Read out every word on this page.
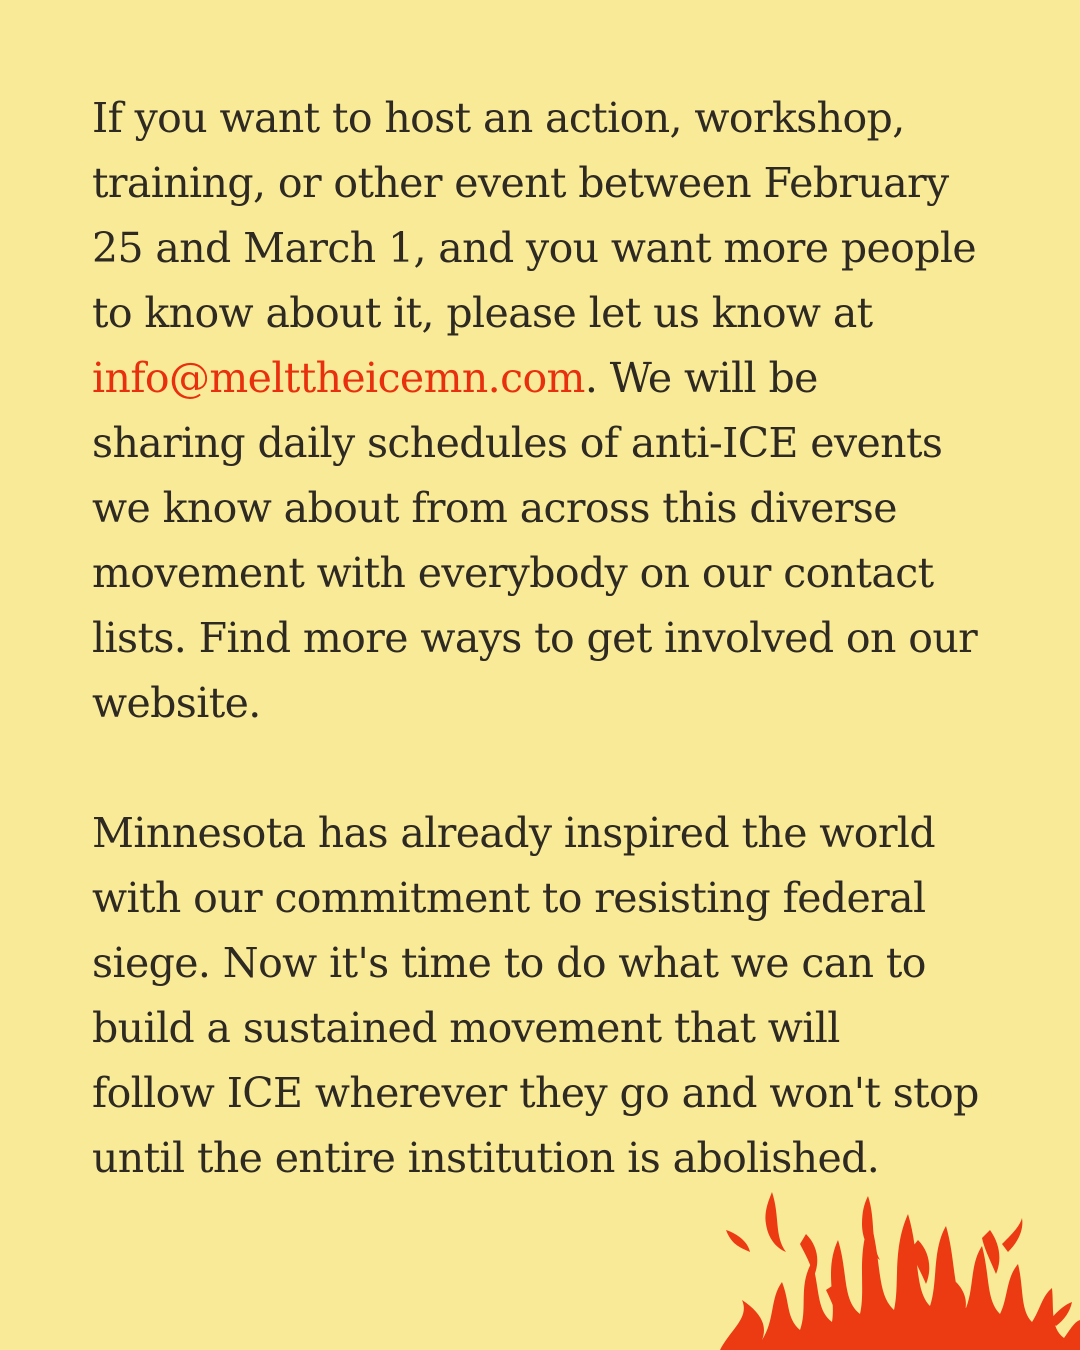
If you want to host an action, workshop,
training, or other event between February
25 and March 1, and you want more people
to know about it, please let us know at
info@melttheicemn.com. We will be
sharing daily schedules of anti-ICE events
we know about from across this diverse
movement with everybody on our contact
lists. Find more ways to get involved on our
website.
Minnesota has already inspired the world
with our commitment to resisting federal
siege. Now it's time to do what we can to
build a sustained movement that will
follow ICE wherever they go and won't stop
until the entire institution is abolished.
